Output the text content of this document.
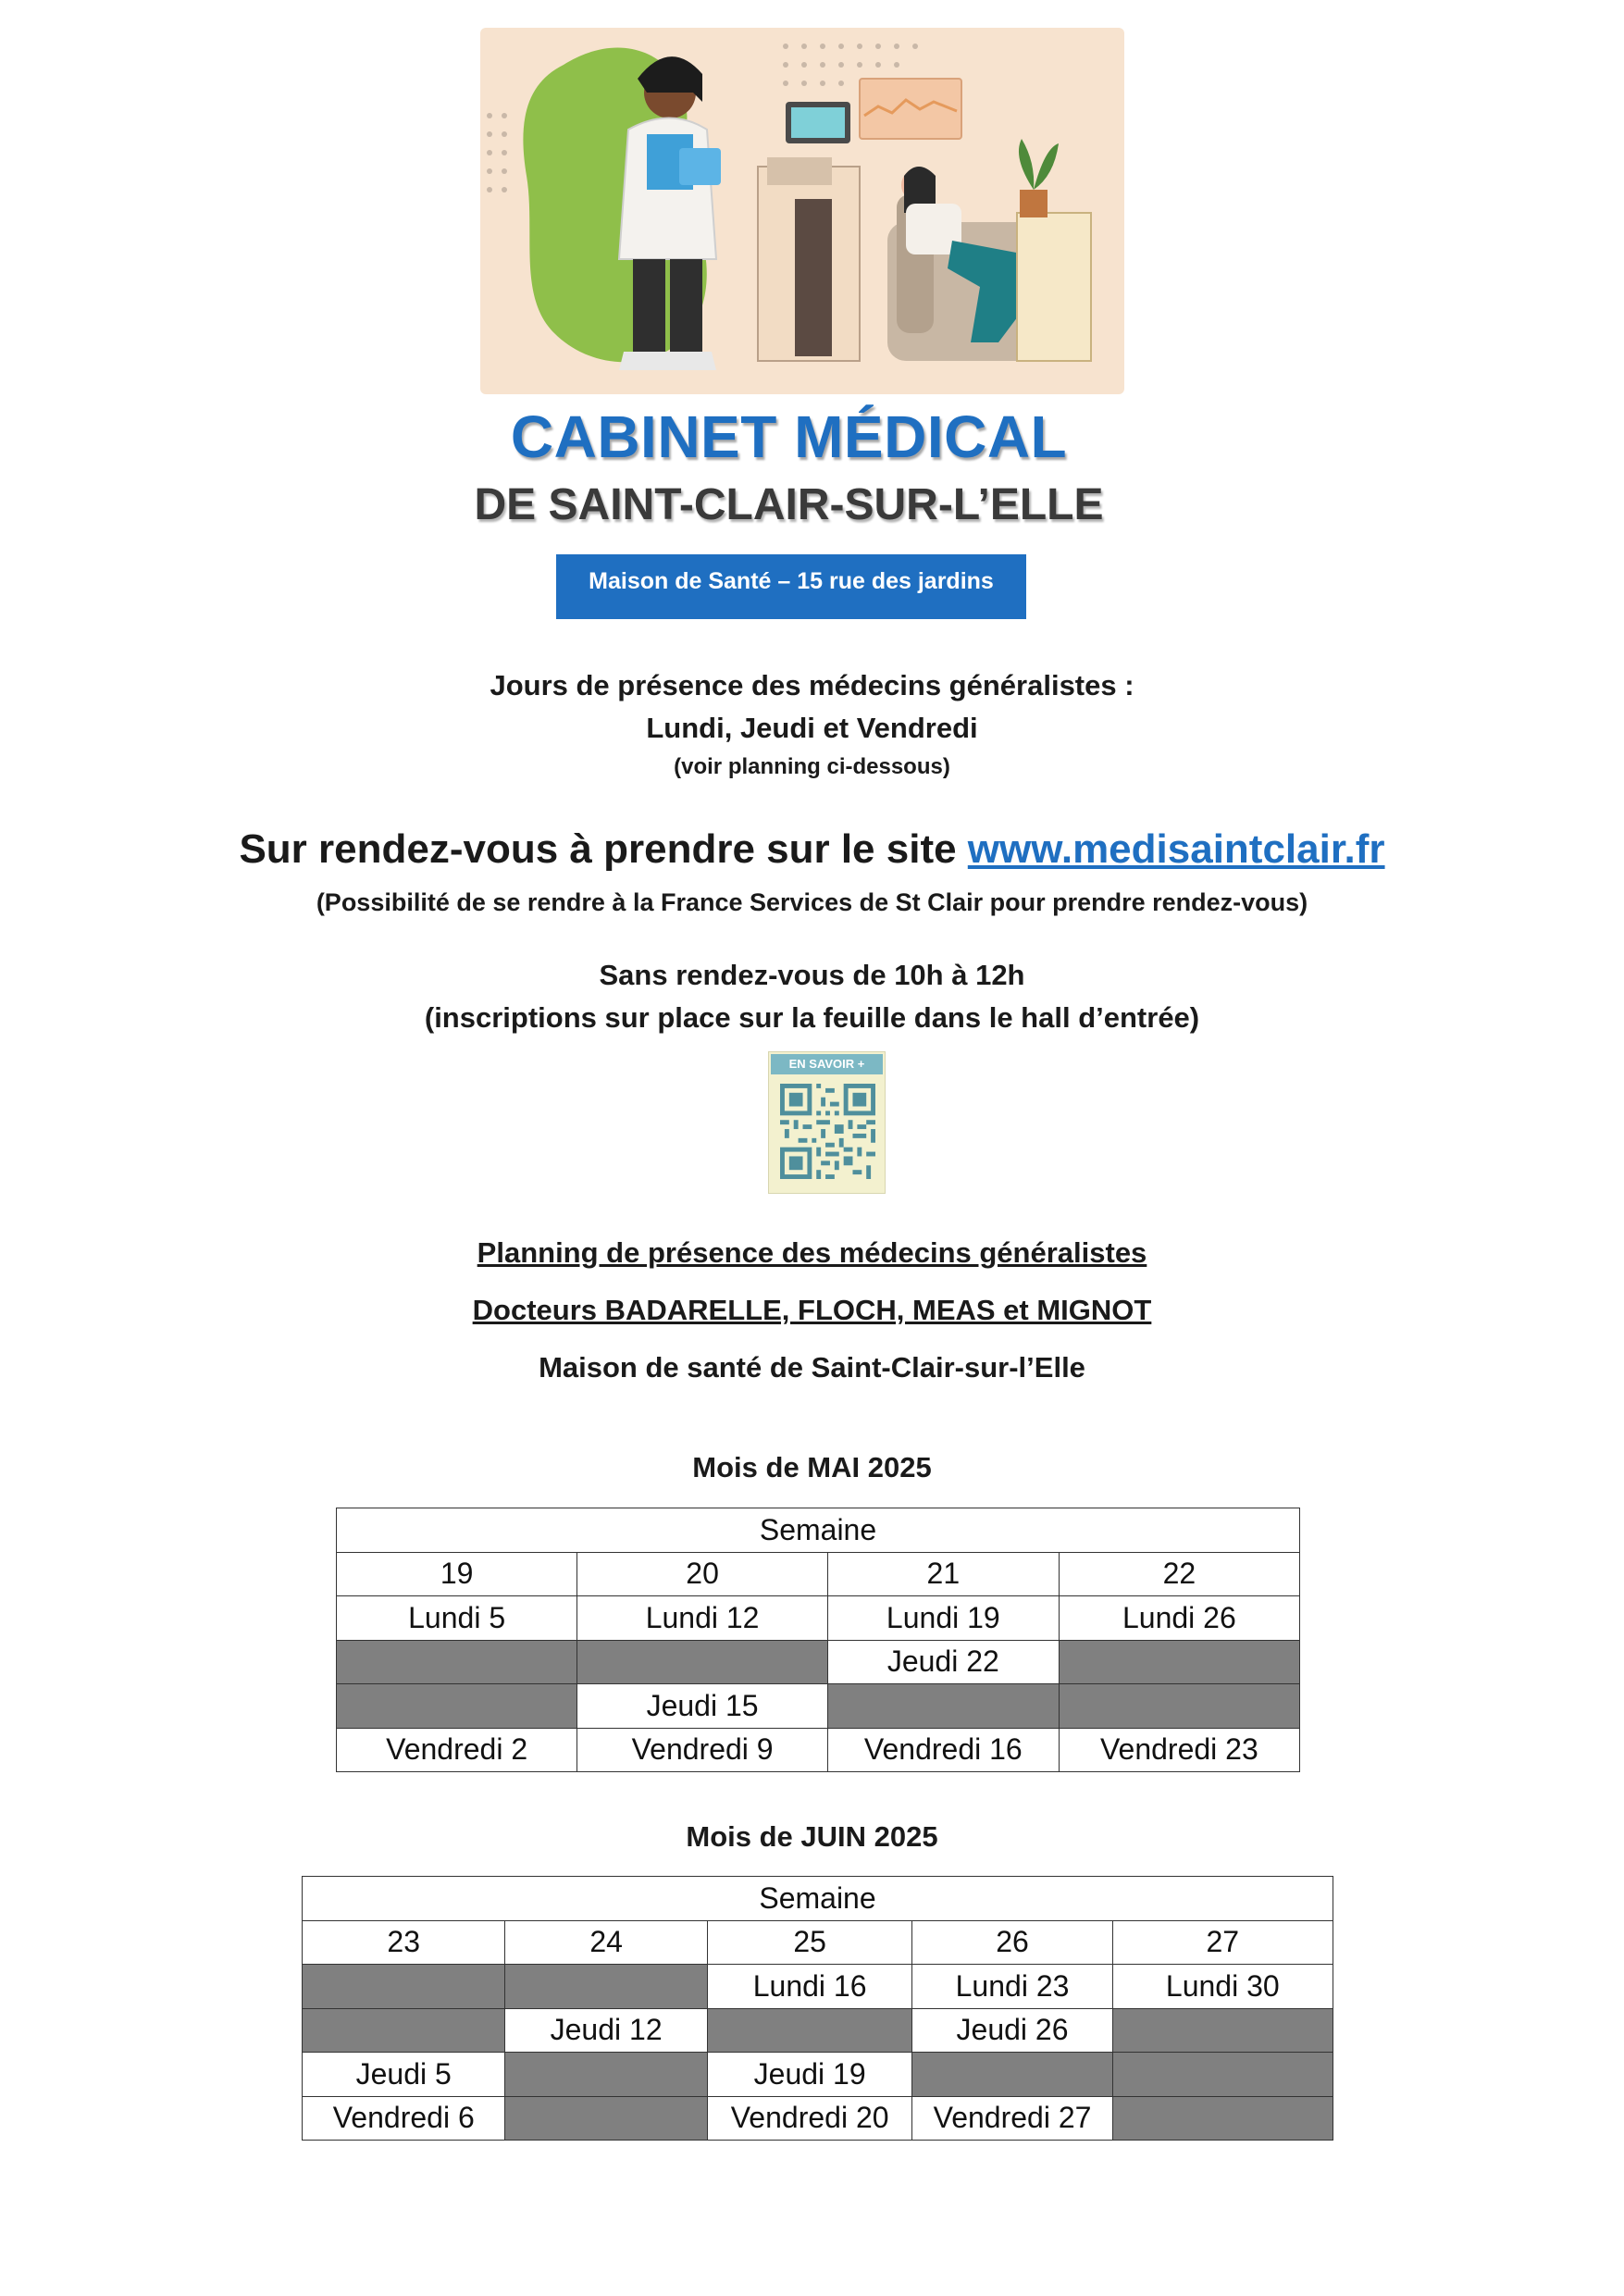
CABINET MÉDICAL
DE SAINT-CLAIR-SUR-L’ELLE
Maison de Santé – 15 rue des jardins
Jours de présence des médecins généralistes :
Lundi, Jeudi et Vendredi
(voir planning ci-dessous)
Sur rendez-vous à prendre sur le site www.medisaintclair.fr
(Possibilité de se rendre à la France Services de St Clair pour prendre rendez-vous)
Sans rendez-vous de 10h à 12h
(inscriptions sur place sur la feuille dans le hall d’entrée)
EN SAVOIR +
Planning de présence des médecins généralistes
Docteurs BADARELLE, FLOCH, MEAS et MIGNOT
Maison de santé de Saint-Clair-sur-l’Elle
Mois de MAI 2025
Semaine			
19	20	21	22
Lundi 5	Lundi 12	Lundi 19	Lundi 26
		Jeudi 22	
	Jeudi 15		
Vendredi 2	Vendredi 9	Vendredi 16	Vendredi 23
Mois de JUIN 2025
Semaine				
23	24	25	26	27
		Lundi 16	Lundi 23	Lundi 30
	Jeudi 12		Jeudi 26	
Jeudi 5		Jeudi 19		
Vendredi 6		Vendredi 20	Vendredi 27	
